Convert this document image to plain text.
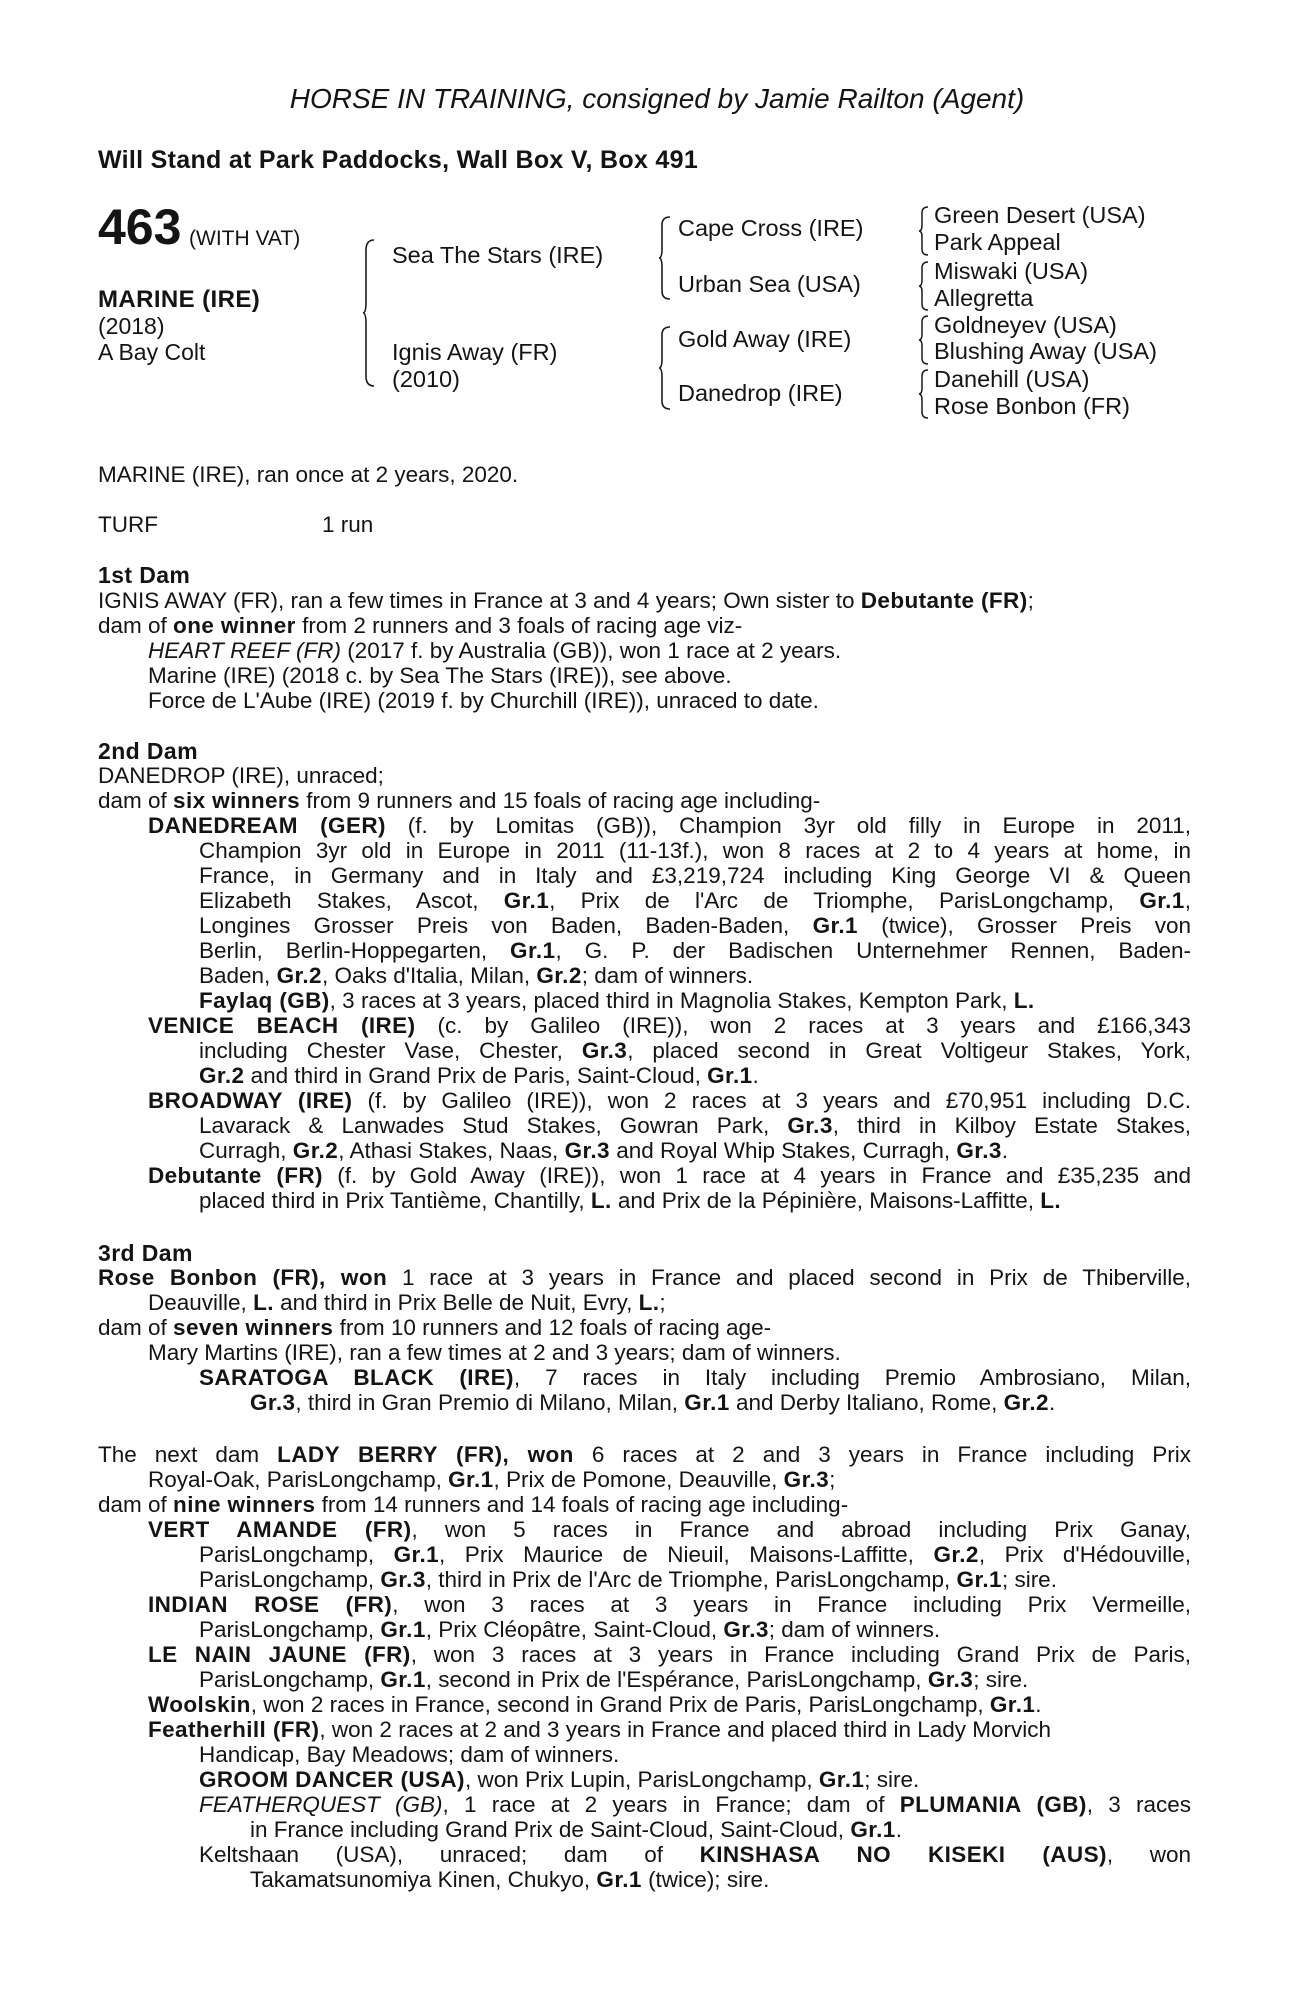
HORSE IN TRAINING, consigned by Jamie Railton (Agent)
Will Stand at Park Paddocks, Wall Box V, Box 491
463 (WITH VAT)
MARINE (IRE)
(2018)
A Bay Colt
Sea The Stars (IRE)
Ignis Away (FR)
(2010)
Cape Cross (IRE)
Urban Sea (USA)
Gold Away (IRE)
Danedrop (IRE)
Green Desert (USA)
Park Appeal
Miswaki (USA)
Allegretta
Goldneyev (USA)
Blushing Away (USA)
Danehill (USA)
Rose Bonbon (FR)
MARINE (IRE), ran once at 2 years, 2020.
TURF	1 run
1st Dam
IGNIS AWAY (FR), ran a few times in France at 3 and 4 years; Own sister to Debutante (FR);
dam of one winner from 2 runners and 3 foals of racing age viz-
HEART REEF (FR) (2017 f. by Australia (GB)), won 1 race at 2 years.
Marine (IRE) (2018 c. by Sea The Stars (IRE)), see above.
Force de L'Aube (IRE) (2019 f. by Churchill (IRE)), unraced to date.
2nd Dam
DANEDROP (IRE), unraced;
dam of six winners from 9 runners and 15 foals of racing age including-
DANEDREAM (GER) (f. by Lomitas (GB)), Champion 3yr old filly in Europe in 2011,
Champion 3yr old in Europe in 2011 (11-13f.), won 8 races at 2 to 4 years at home, in
France, in Germany and in Italy and £3,219,724 including King George VI & Queen
Elizabeth Stakes, Ascot, Gr.1, Prix de l'Arc de Triomphe, ParisLongchamp, Gr.1,
Longines Grosser Preis von Baden, Baden-Baden, Gr.1 (twice), Grosser Preis von
Berlin, Berlin-Hoppegarten, Gr.1, G. P. der Badischen Unternehmer Rennen, Baden-
Baden, Gr.2, Oaks d'Italia, Milan, Gr.2; dam of winners.
Faylaq (GB), 3 races at 3 years, placed third in Magnolia Stakes, Kempton Park, L.
VENICE BEACH (IRE) (c. by Galileo (IRE)), won 2 races at 3 years and £166,343
including Chester Vase, Chester, Gr.3, placed second in Great Voltigeur Stakes, York,
Gr.2 and third in Grand Prix de Paris, Saint-Cloud, Gr.1.
BROADWAY (IRE) (f. by Galileo (IRE)), won 2 races at 3 years and £70,951 including D.C.
Lavarack & Lanwades Stud Stakes, Gowran Park, Gr.3, third in Kilboy Estate Stakes,
Curragh, Gr.2, Athasi Stakes, Naas, Gr.3 and Royal Whip Stakes, Curragh, Gr.3.
Debutante (FR) (f. by Gold Away (IRE)), won 1 race at 4 years in France and £35,235 and
placed third in Prix Tantième, Chantilly, L. and Prix de la Pépinière, Maisons-Laffitte, L.
3rd Dam
Rose Bonbon (FR), won 1 race at 3 years in France and placed second in Prix de Thiberville,
Deauville, L. and third in Prix Belle de Nuit, Evry, L.;
dam of seven winners from 10 runners and 12 foals of racing age-
Mary Martins (IRE), ran a few times at 2 and 3 years; dam of winners.
SARATOGA BLACK (IRE), 7 races in Italy including Premio Ambrosiano, Milan,
Gr.3, third in Gran Premio di Milano, Milan, Gr.1 and Derby Italiano, Rome, Gr.2.
The next dam LADY BERRY (FR), won 6 races at 2 and 3 years in France including Prix
Royal-Oak, ParisLongchamp, Gr.1, Prix de Pomone, Deauville, Gr.3;
dam of nine winners from 14 runners and 14 foals of racing age including-
VERT AMANDE (FR), won 5 races in France and abroad including Prix Ganay,
ParisLongchamp, Gr.1, Prix Maurice de Nieuil, Maisons-Laffitte, Gr.2, Prix d'Hédouville,
ParisLongchamp, Gr.3, third in Prix de l'Arc de Triomphe, ParisLongchamp, Gr.1; sire.
INDIAN ROSE (FR), won 3 races at 3 years in France including Prix Vermeille,
ParisLongchamp, Gr.1, Prix Cléopâtre, Saint-Cloud, Gr.3; dam of winners.
LE NAIN JAUNE (FR), won 3 races at 3 years in France including Grand Prix de Paris,
ParisLongchamp, Gr.1, second in Prix de l'Espérance, ParisLongchamp, Gr.3; sire.
Woolskin, won 2 races in France, second in Grand Prix de Paris, ParisLongchamp, Gr.1.
Featherhill (FR), won 2 races at 2 and 3 years in France and placed third in Lady Morvich
Handicap, Bay Meadows; dam of winners.
GROOM DANCER (USA), won Prix Lupin, ParisLongchamp, Gr.1; sire.
FEATHERQUEST (GB), 1 race at 2 years in France; dam of PLUMANIA (GB), 3 races
in France including Grand Prix de Saint-Cloud, Saint-Cloud, Gr.1.
Keltshaan (USA), unraced; dam of KINSHASA NO KISEKI (AUS), won
Takamatsunomiya Kinen, Chukyo, Gr.1 (twice); sire.
